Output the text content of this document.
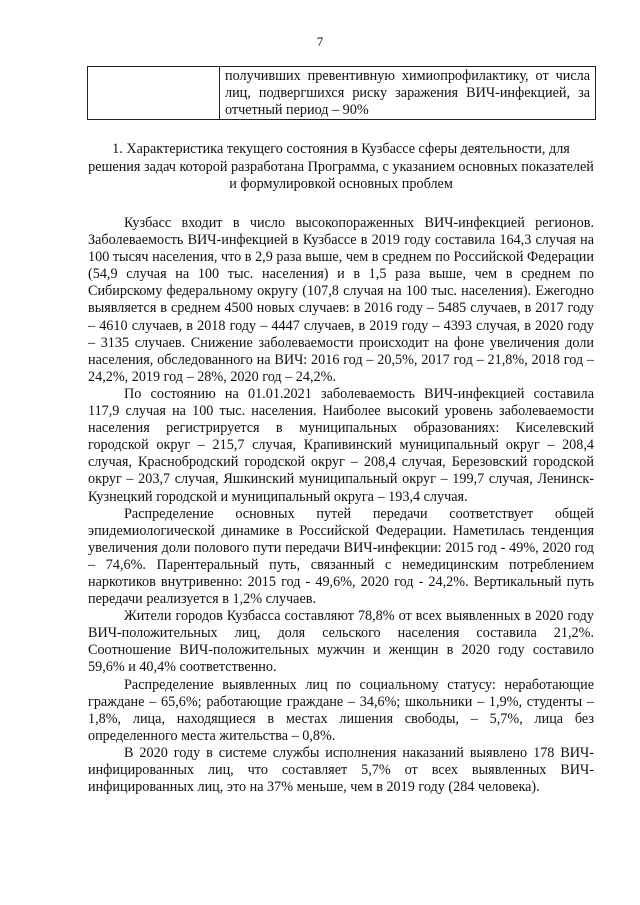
7
	получивших превентивную химиопрофилактику, от числа лиц, подвергшихся риску заражения ВИЧ-инфекцией, за отчетный период – 90%
1. Характеристика текущего состояния в Кузбассе сферы деятельности, для решения задач которой разработана Программа, с указанием основных показателей и формулировкой основных проблем

Кузбасс входит в число высокопораженных ВИЧ-инфекцией регионов. Заболеваемость ВИЧ-инфекцией в Кузбассе в 2019 году составила 164,3 случая на 100 тысяч населения, что в 2,9 раза выше, чем в среднем по Российской Федерации (54,9 случая на 100 тыс. населения) и в 1,5 раза выше, чем в среднем по Сибирскому федеральному округу (107,8 случая на 100 тыс. населения). Ежегодно выявляется в среднем 4500 новых случаев: в 2016 году – 5485 случаев, в 2017 году – 4610 случаев, в 2018 году – 4447 случаев, в 2019 году – 4393 случая, в 2020 году – 3135 случаев. Снижение заболеваемости происходит на фоне увеличения доли населения, обследованного на ВИЧ: 2016 год – 20,5%, 2017 год – 21,8%, 2018 год – 24,2%, 2019 год – 28%, 2020 год – 24,2%.

По состоянию на 01.01.2021 заболеваемость ВИЧ-инфекцией составила 117,9 случая на 100 тыс. населения. Наиболее высокий уровень заболеваемости населения регистрируется в муниципальных образованиях: Киселевский городской округ – 215,7 случая, Крапивинский муниципальный округ – 208,4 случая, Краснобродский городской округ – 208,4 случая, Березовский городской округ – 203,7 случая, Яшкинский муниципальный округ – 199,7 случая, Ленинск-Кузнецкий городской и муниципальный округа – 193,4 случая.

Распределение основных путей передачи соответствует общей эпидемиологической динамике в Российской Федерации. Наметилась тенденция увеличения доли полового пути передачи ВИЧ-инфекции: 2015 год - 49%, 2020 год – 74,6%. Парентеральный путь, связанный с немедицинским потреблением наркотиков внутривенно: 2015 год - 49,6%, 2020 год - 24,2%. Вертикальный путь передачи реализуется в 1,2% случаев.

Жители городов Кузбасса составляют 78,8% от всех выявленных в 2020 году ВИЧ-положительных лиц, доля сельского населения составила 21,2%. Соотношение ВИЧ-положительных мужчин и женщин в 2020 году составило 59,6% и 40,4% соответственно.

Распределение выявленных лиц по социальному статусу: неработающие граждане – 65,6%; работающие граждане – 34,6%; школьники – 1,9%, студенты – 1,8%, лица, находящиеся в местах лишения свободы, – 5,7%, лица без определенного места жительства – 0,8%.

В 2020 году в системе службы исполнения наказаний выявлено 178 ВИЧ-инфицированных лиц, что составляет 5,7% от всех выявленных ВИЧ-инфицированных лиц, это на 37% меньше, чем в 2019 году (284 человека).
